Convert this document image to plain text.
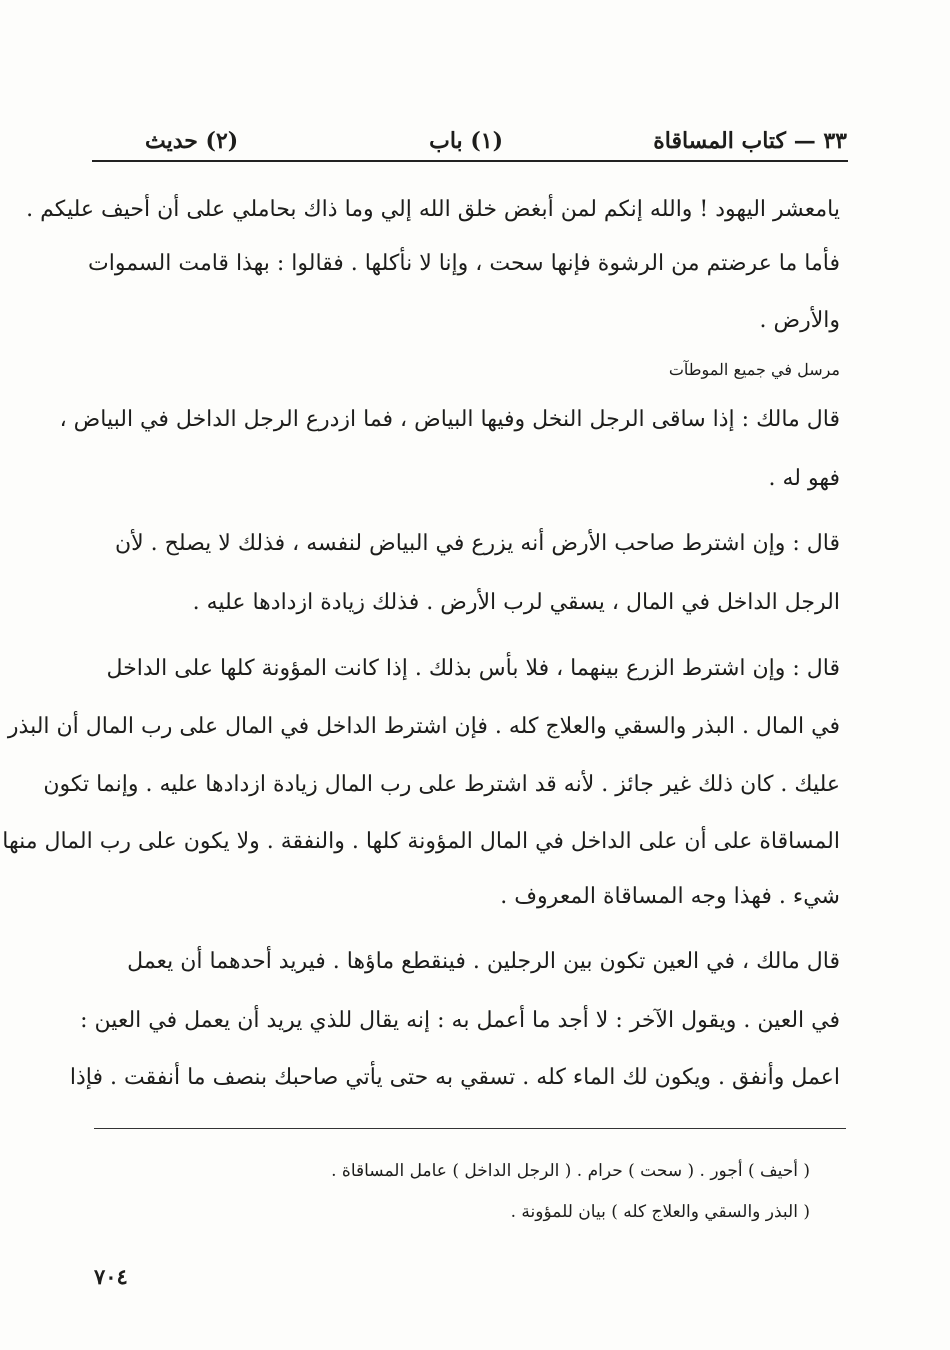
٣٣ — كتاب المساقاة
(١) باب
(٢) حديث
يامعشر اليهود ! والله إنكم لمن أبغض خلق الله إلي وما ذاك بحاملي على أن أحيف عليكم .
فأما ما عرضتم من الرشوة فإنها سحت ، وإنا لا نأكلها . فقالوا : بهذا قامت السموات
والأرض .
مرسل في جميع الموطآت
قال مالك : إذا ساقى الرجل النخل وفيها البياض ، فما ازدرع الرجل الداخل في البياض ،
فهو له .
قال : وإن اشترط صاحب الأرض أنه يزرع في البياض لنفسه ، فذلك لا يصلح . لأن
الرجل الداخل في المال ، يسقي لرب الأرض . فذلك زيادة ازدادها عليه .
قال : وإن اشترط الزرع بينهما ، فلا بأس بذلك . إذا كانت المؤونة كلها على الداخل
في المال . البذر والسقي والعلاج كله . فإن اشترط الداخل في المال على رب المال أن البذر
عليك . كان ذلك غير جائز . لأنه قد اشترط على رب المال زيادة ازدادها عليه . وإنما تكون
المساقاة على أن على الداخل في المال المؤونة كلها . والنفقة . ولا يكون على رب المال منها
شيء . فهذا وجه المساقاة المعروف .
قال مالك ، في العين تكون بين الرجلين . فينقطع ماؤها . فيريد أحدهما أن يعمل
في العين . ويقول الآخر : لا أجد ما أعمل به : إنه يقال للذي يريد أن يعمل في العين :
اعمل وأنفق . ويكون لك الماء كله . تسقي به حتى يأتي صاحبك بنصف ما أنفقت . فإذا
( أحيف ) أجور . ( سحت ) حرام . ( الرجل الداخل ) عامل المساقاة .
( البذر والسقي والعلاج كله ) بيان للمؤونة .
٧٠٤
